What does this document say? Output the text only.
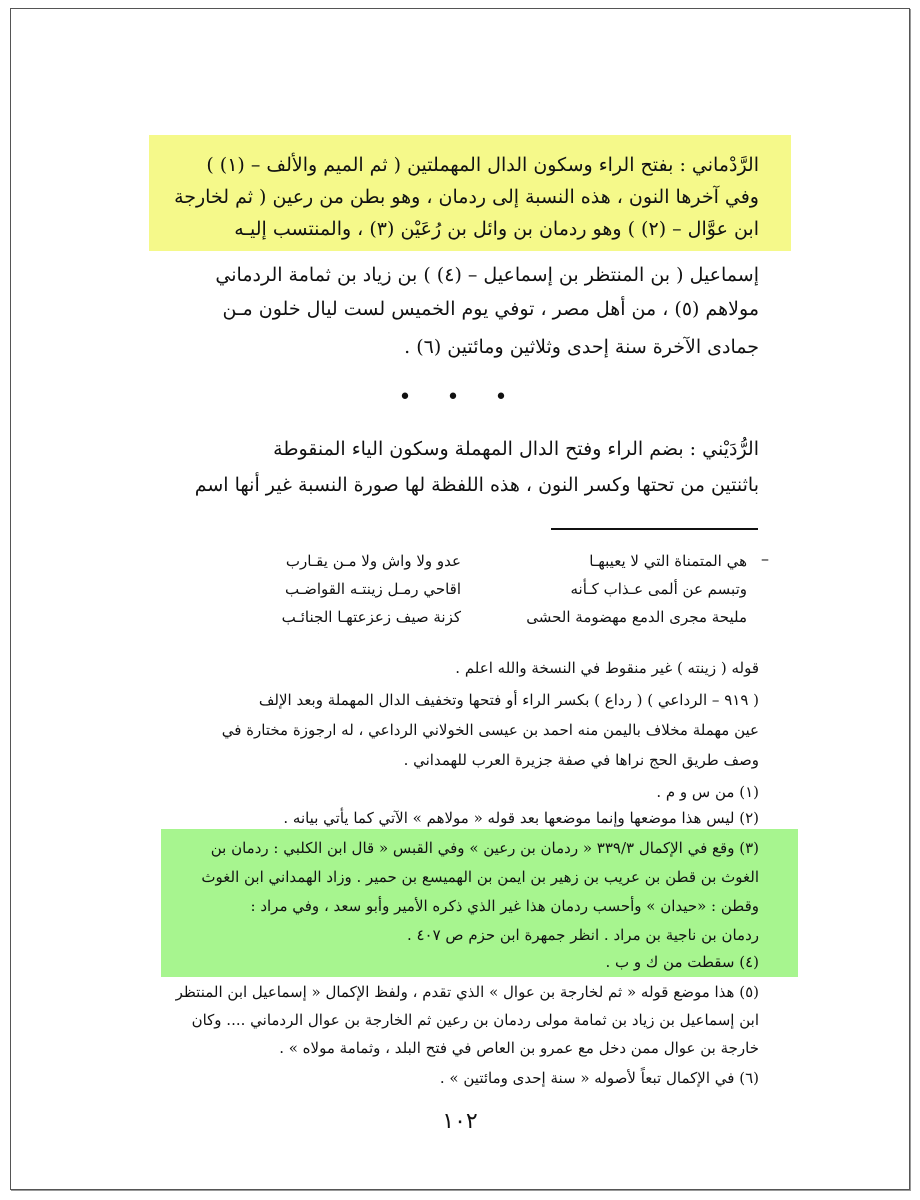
الرَّدْماني : بفتح الراء وسكون الدال المهملتين ( ثم الميم والألف – (١) )
وفي آخرها النون ، هذه النسبة إلى ردمان ، وهو بطن من رعين ( ثم لخارجة
ابن عوَّال – (٢) ) وهو ردمان بن وائل بن رُعَيْن (٣) ، والمنتسب إليـه
إسماعيل ( بن المنتظر بن إسماعيل – (٤) ) بن زياد بن ثمامة الردماني
مولاهم (٥) ، من أهل مصر ، توفي يوم الخميس لست ليال خلون مـن
جمادى الآخرة سنة إحدى وثلاثين ومائتين (٦) .
• • •
الرُّدَيْني : بضم الراء وفتح الدال المهملة وسكون الياء المنقوطة
باثنتين من تحتها وكسر النون ، هذه اللفظة لها صورة النسبة غير أنها اسم
–
هي المتمناة التي لا يعيبهـا
وتبسم عن ألمى عـذاب كـأنه
مليحة مجرى الدمع مهضومة الحشى
عدو ولا واش ولا مـن يقـارب
اقاحي رمـل زينتـه القواضـب
كزنة صيف زعزعتهـا الجنائـب
قوله ( زينته ) غير منقوط في النسخة والله اعلم .
( ٩١٩ – الرداعي ) ( رداع ) بكسر الراء أو فتحها وتخفيف الدال المهملة وبعد الإلف
عين مهملة مخلاف باليمن منه احمد بن عيسى الخولاني الرداعي ، له ارجوزة مختارة في
وصف طريق الحج نراها في صفة جزيرة العرب للهمداني .
(١) من س و م .
(٢) ليس هذا موضعها وإنما موضعها بعد قوله « مولاهم » الآتي كما يأتي بيانه .
(٣) وقع في الإكمال ٣٣٩/٣ « ردمان بن رعين » وفي القبس « قال ابن الكلبي : ردمان بن
الغوث بن قطن بن عريب بن زهير بن ايمن بن الهميسع بن حمير . وزاد الهمداني ابن الغوث
وقطن : «حيدان » وأحسب ردمان هذا غير الذي ذكره الأمير وأبو سعد ، وفي مراد :
ردمان بن ناجية بن مراد . انظر جمهرة ابن حزم ص ٤٠٧ .
(٤) سقطت من ك و ب .
(٥) هذا موضع قوله « ثم لخارجة بن عوال » الذي تقدم ، ولفظ الإكمال « إسماعيل ابن المنتظر
ابن إسماعيل بن زياد بن ثمامة مولى ردمان بن رعين ثم الخارجة بن عوال الردماني .... وكان
خارجة بن عوال ممن دخل مع عمرو بن العاص في فتح البلد ، وثمامة مولاه » .
(٦) في الإكمال تبعاً لأصوله « سنة إحدى ومائتين » .
١٠٢
